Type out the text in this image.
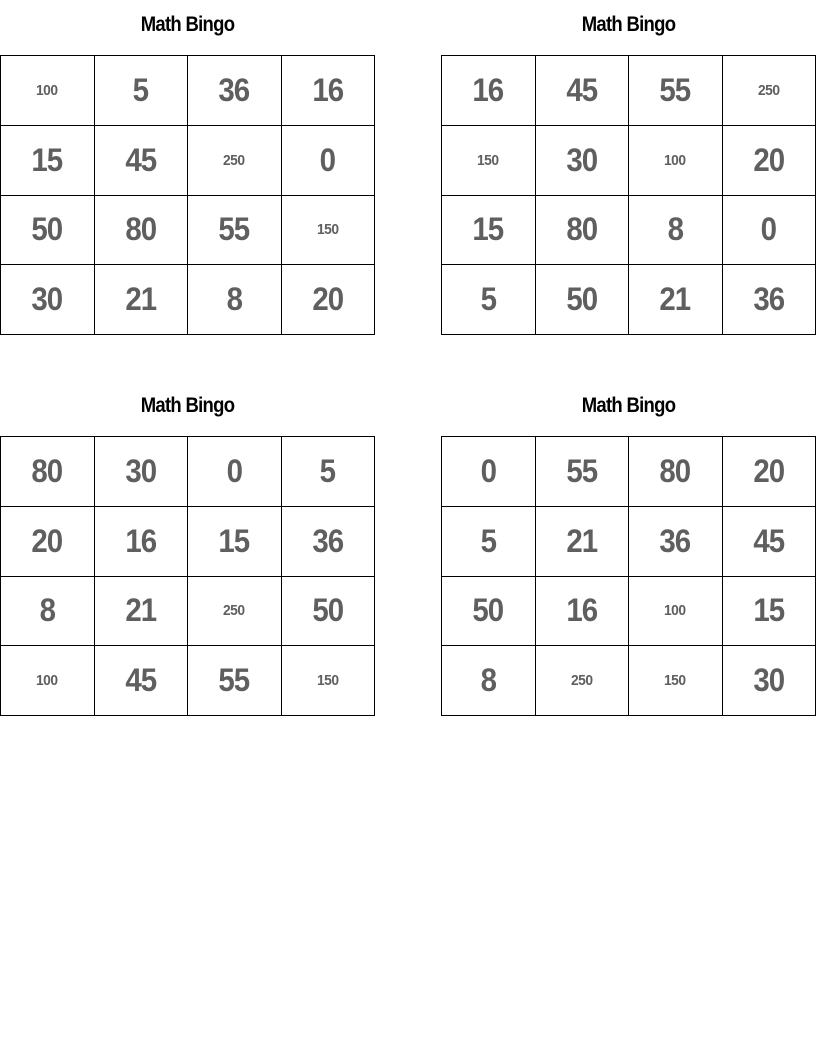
Math Bingo
100 5 36 16
15 45	250 0
50 80 55	150
30 21 8 20
Math Bingo
16 45 55	250
150 30	100 20
15 80 8 0
5 50 21 36
Math Bingo
80 30 0 5
20 16 15 36
8 21	250 50
100 45 55	150
Math Bingo
0 55 80 20
5 21 36 45
50 16	100 15
8	250	150 30
